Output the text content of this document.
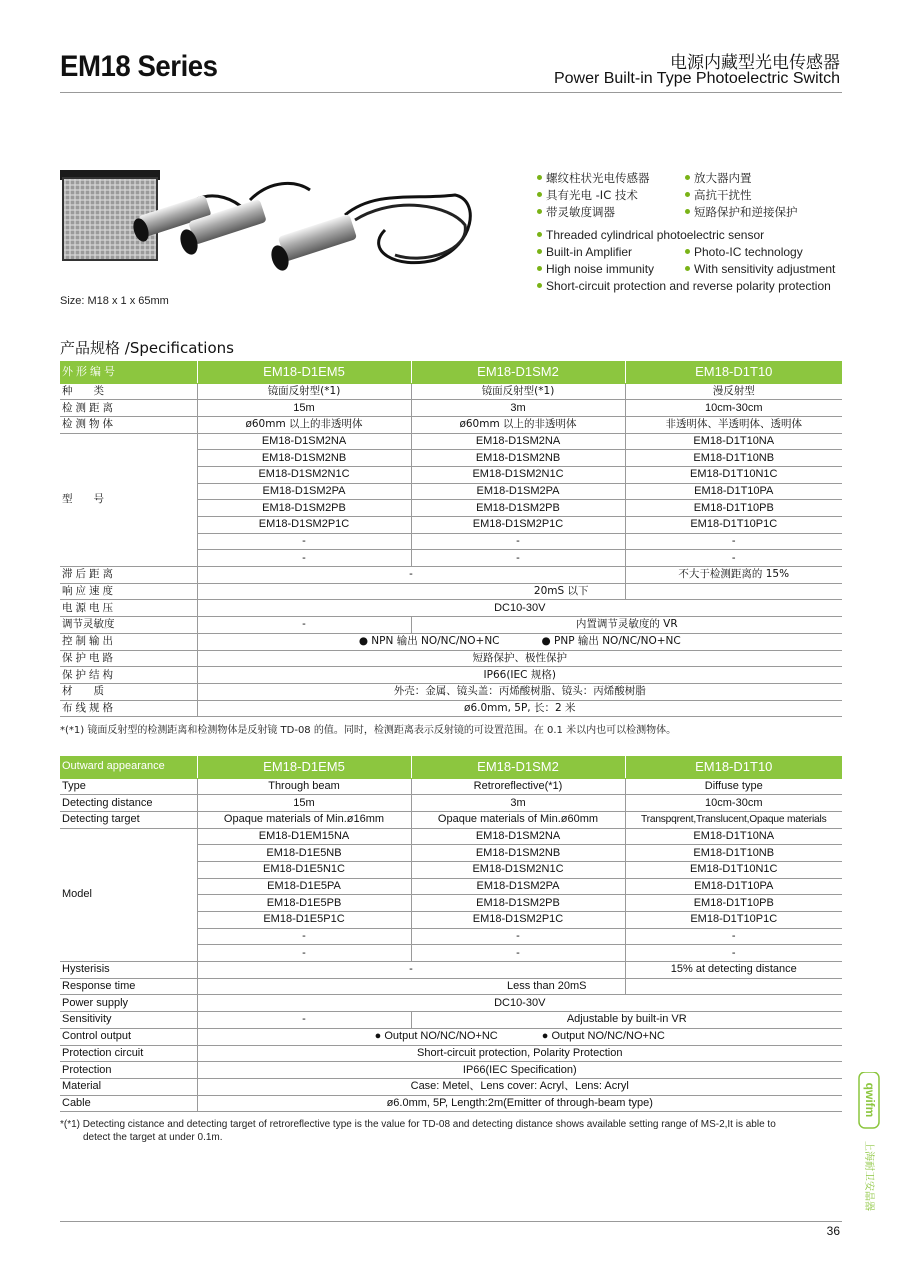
EM18 Series	电源内藏型光电传感器
Power Built-in Type Photoelectric Switch
Size: M18 x 1 x 65mm
螺纹柱状光电传感器	放大器内置
具有光电 -IC 技术	高抗干扰性
带灵敏度调器	短路保护和逆接保护
Threaded cylindrical photoelectric sensor
Built-in Amplifier	Photo-IC technology
High noise immunity	With sensitivity adjustment
Short-circuit protection and reverse polarity protection
产品规格 /Specifications
外形编号	EM18-D1EM5	EM18-D1SM2	EM18-D1T10
种　　类	镜面反射型(*1)	镜面反射型(*1)	漫反射型
检测距离	15m	3m	10cm-30cm
检测物体	ø60mm 以上的非透明体	ø60mm 以上的非透明体	非透明体、半透明体、透明体
型　　号	EM18-D1SM2NA	EM18-D1SM2NA	EM18-D1T10NA
	EM18-D1SM2NB	EM18-D1SM2NB	EM18-D1T10NB
	EM18-D1SM2N1C	EM18-D1SM2N1C	EM18-D1T10N1C
	EM18-D1SM2PA	EM18-D1SM2PA	EM18-D1T10PA
	EM18-D1SM2PB	EM18-D1SM2PB	EM18-D1T10PB
	EM18-D1SM2P1C	EM18-D1SM2P1C	EM18-D1T10P1C
	-	-	-
	-	-	-
滞后距离	-		不大于检测距离的 15%
响应速度	20mS 以下		
电源电压	DC10-30V		
调节灵敏度	-	内置调节灵敏度的 VR	
控制输出	● NPN 输出 NO/NC/NO+NC　　　　● PNP 输出 NO/NC/NO+NC		
保护电路	短路保护、极性保护		
保护结构	IP66(IEC 规格)		
材　　质	外壳：金属、镜头盖：丙烯酸树脂、镜头：丙烯酸树脂		
布线规格	ø6.0mm, 5P, 长：2 米		
*(*1) 镜面反射型的检测距离和检测物体是反射镜 TD-08 的值。同时，检测距离表示反射镜的可设置范围。在 0.1 米以内也可以检测物体。
Outward appearance	EM18-D1EM5	EM18-D1SM2	EM18-D1T10
Type	Through beam	Retroreflective(*1)	Diffuse type
Detecting distance	15m	3m	10cm-30cm
Detecting target	Opaque materials of Min.ø16mm	Opaque materials of Min.ø60mm	Transpqrent,Translucent,Opaque materials
Model	EM18-D1EM15NA	EM18-D1SM2NA	EM18-D1T10NA
	EM18-D1E5NB	EM18-D1SM2NB	EM18-D1T10NB
	EM18-D1E5N1C	EM18-D1SM2N1C	EM18-D1T10N1C
	EM18-D1E5PA	EM18-D1SM2PA	EM18-D1T10PA
	EM18-D1E5PB	EM18-D1SM2PB	EM18-D1T10PB
	EM18-D1E5P1C	EM18-D1SM2P1C	EM18-D1T10P1C
	-	-	-
	-	-	-
Hysterisis	-		15% at detecting distance
Response time	Less than 20mS		
Power supply	DC10-30V		
Sensitivity	-	Adjustable by built-in VR	
Control output	● Output NO/NC/NO+NC　　　　● Output NO/NC/NO+NC		
Protection circuit	Short-circuit protection, Polarity Protection		
Protection	IP66(IEC Specification)		
Material	Case: Metel、Lens cover: Acryl、Lens: Acryl		
Cable	ø6.0mm, 5P, Length:2m(Emitter of through-beam type)		
*(*1) Detecting cistance and detecting target of retroreflective type is the value for TD-08 and detecting distance shows available setting range of MS-2,It is able to
detect the target at under 0.1m.
36
qwifm
上海耐卫安晶器
